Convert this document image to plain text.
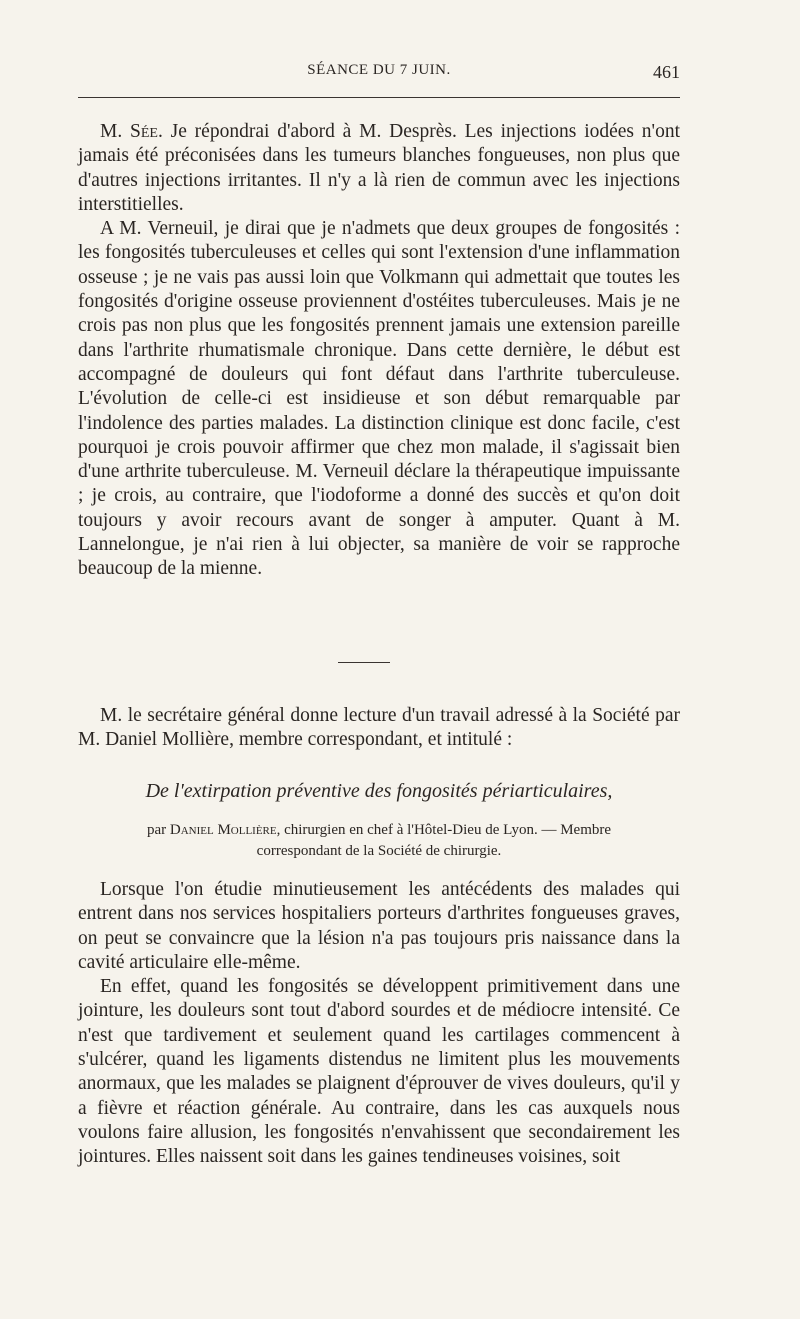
SÉANCE DU 7 JUIN.	461

M. Sée. Je répondrai d'abord à M. Desprès. Les injections iodées n'ont jamais été préconisées dans les tumeurs blanches fongueuses, non plus que d'autres injections irritantes. Il n'y a là rien de commun avec les injections interstitielles.

A M. Verneuil, je dirai que je n'admets que deux groupes de fongosités : les fongosités tuberculeuses et celles qui sont l'extension d'une inflammation osseuse ; je ne vais pas aussi loin que Volkmann qui admettait que toutes les fongosités d'origine osseuse proviennent d'ostéites tuberculeuses. Mais je ne crois pas non plus que les fongosités prennent jamais une extension pareille dans l'arthrite rhumatismale chronique. Dans cette dernière, le début est accompagné de douleurs qui font défaut dans l'arthrite tuberculeuse. L'évolution de celle-ci est insidieuse et son début remarquable par l'indolence des parties malades. La distinction clinique est donc facile, c'est pourquoi je crois pouvoir affirmer que chez mon malade, il s'agissait bien d'une arthrite tuberculeuse. M. Verneuil déclare la thérapeutique impuissante ; je crois, au contraire, que l'iodoforme a donné des succès et qu'on doit toujours y avoir recours avant de songer à amputer. Quant à M. Lannelongue, je n'ai rien à lui objecter, sa manière de voir se rapproche beaucoup de la mienne.

M. le secrétaire général donne lecture d'un travail adressé à la Société par M. Daniel Mollière, membre correspondant, et intitulé :

De l'extirpation préventive des fongosités périarticulaires,
par Daniel Mollière, chirurgien en chef à l'Hôtel-Dieu de Lyon. — Membre
correspondant de la Société de chirurgie.

Lorsque l'on étudie minutieusement les antécédents des malades qui entrent dans nos services hospitaliers porteurs d'arthrites fongueuses graves, on peut se convaincre que la lésion n'a pas toujours pris naissance dans la cavité articulaire elle-même.

En effet, quand les fongosités se développent primitivement dans une jointure, les douleurs sont tout d'abord sourdes et de médiocre intensité. Ce n'est que tardivement et seulement quand les cartilages commencent à s'ulcérer, quand les ligaments distendus ne limitent plus les mouvements anormaux, que les malades se plaignent d'éprouver de vives douleurs, qu'il y a fièvre et réaction générale. Au contraire, dans les cas auxquels nous voulons faire allusion, les fongosités n'envahissent que secondairement les jointures. Elles naissent soit dans les gaines tendineuses voisines, soit
